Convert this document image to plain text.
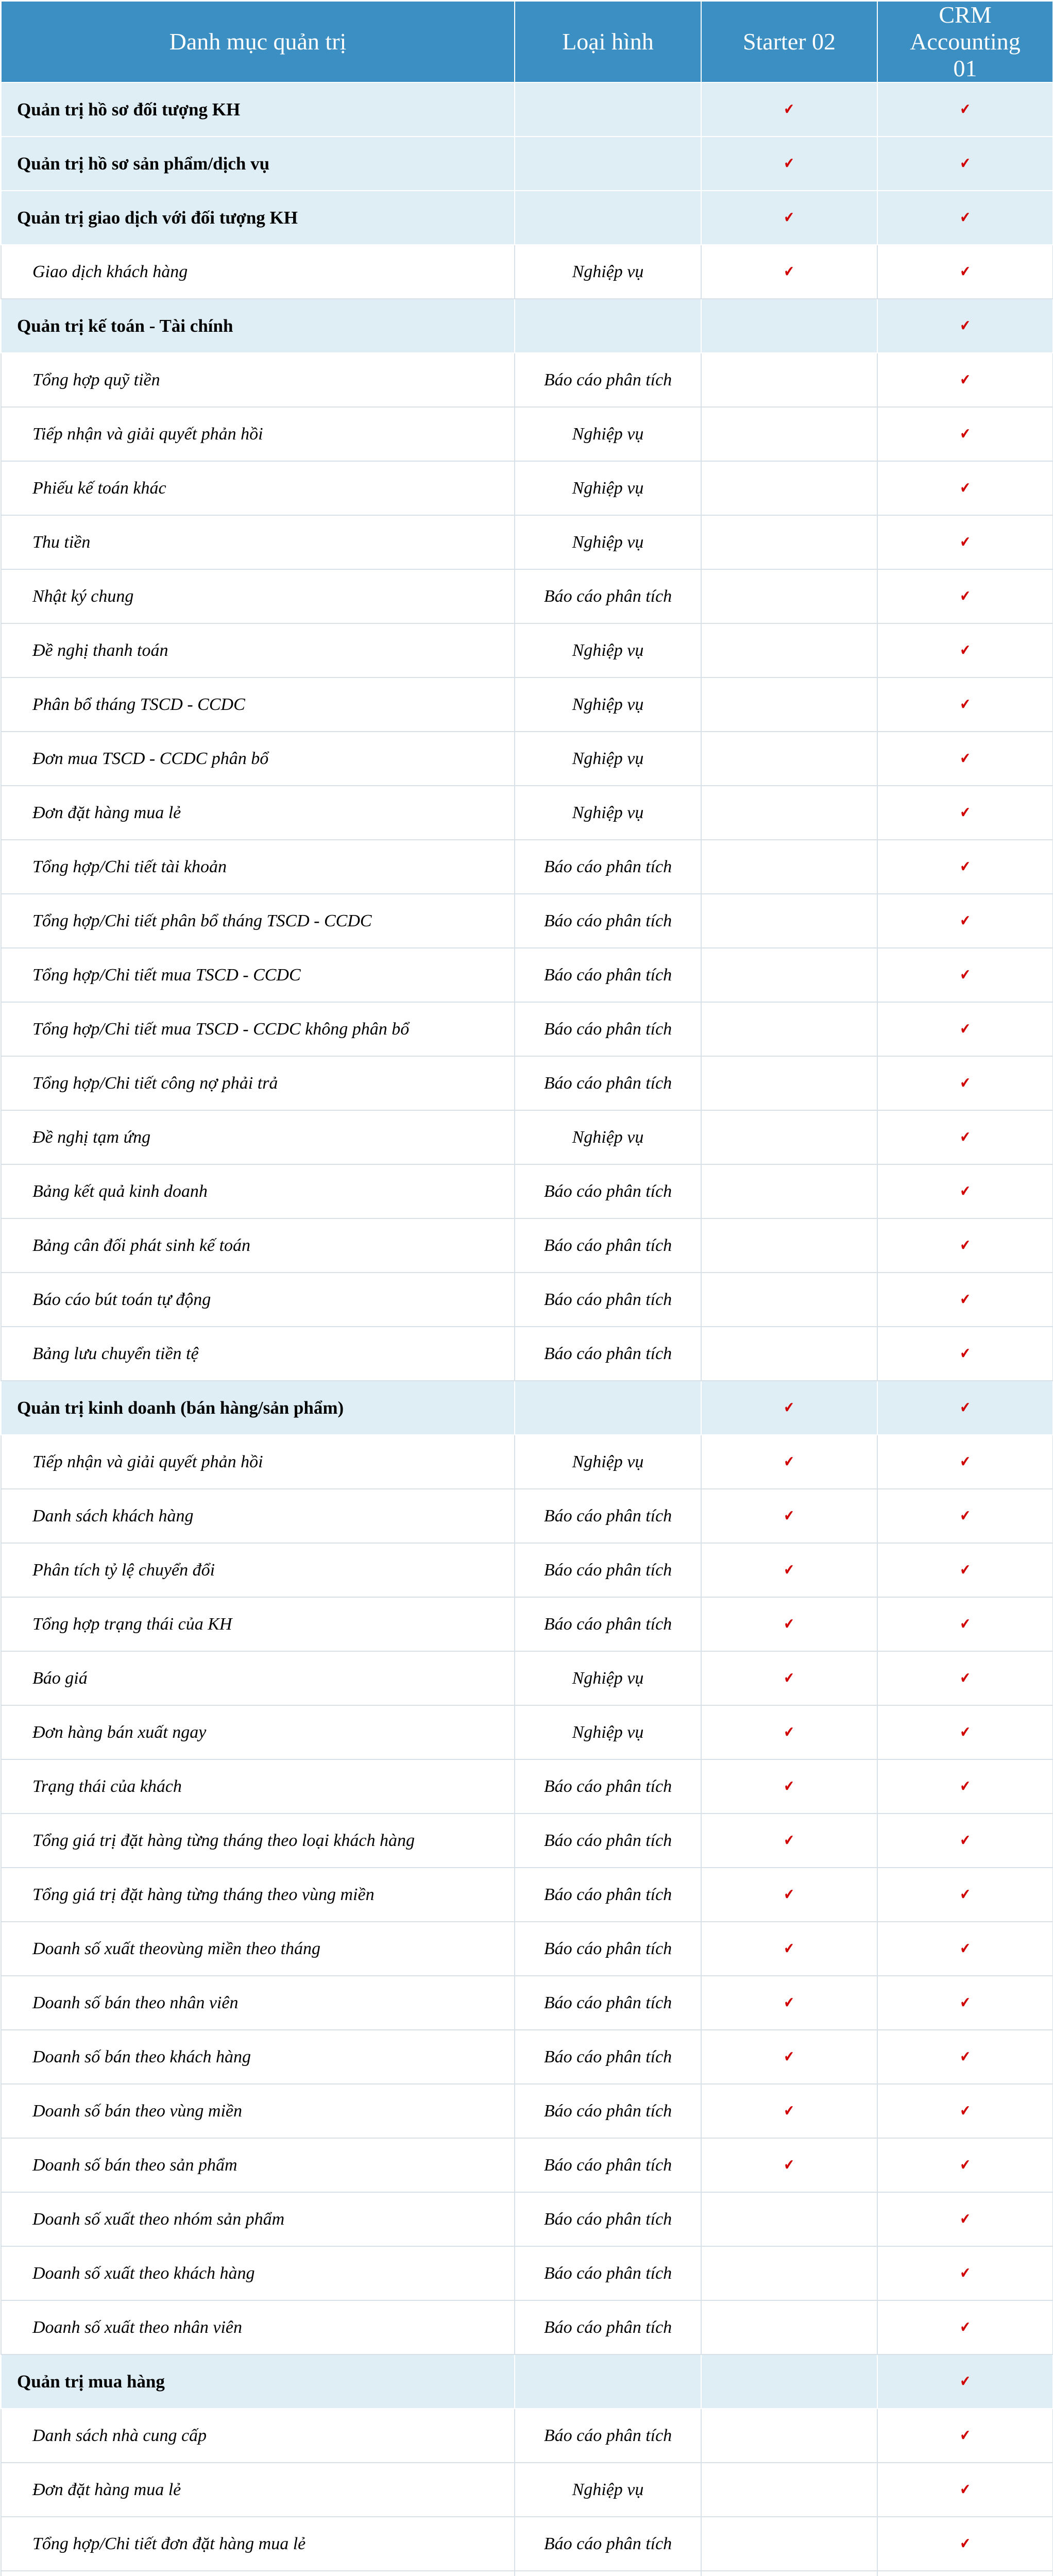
Danh mục quản trị	Loại hình	Starter 02	CRM Accounting 01
Quản trị hồ sơ đối tượng KH		✔	✔
Quản trị hồ sơ sản phẩm/dịch vụ		✔	✔
Quản trị giao dịch với đối tượng KH		✔	✔
Giao dịch khách hàng	Nghiệp vụ	✔	✔
Quản trị kế toán - Tài chính			✔
Tổng hợp quỹ tiền	Báo cáo phân tích		✔
Tiếp nhận và giải quyết phản hồi	Nghiệp vụ		✔
Phiếu kế toán khác	Nghiệp vụ		✔
Thu tiền	Nghiệp vụ		✔
Nhật ký chung	Báo cáo phân tích		✔
Đề nghị thanh toán	Nghiệp vụ		✔
Phân bổ tháng TSCD - CCDC	Nghiệp vụ		✔
Đơn mua TSCD - CCDC phân bổ	Nghiệp vụ		✔
Đơn đặt hàng mua lẻ	Nghiệp vụ		✔
Tổng hợp/Chi tiết tài khoản	Báo cáo phân tích		✔
Tổng hợp/Chi tiết phân bổ tháng TSCD - CCDC	Báo cáo phân tích		✔
Tổng hợp/Chi tiết mua TSCD - CCDC	Báo cáo phân tích		✔
Tổng hợp/Chi tiết mua TSCD - CCDC không phân bổ	Báo cáo phân tích		✔
Tổng hợp/Chi tiết công nợ phải trả	Báo cáo phân tích		✔
Đề nghị tạm ứng	Nghiệp vụ		✔
Bảng kết quả kinh doanh	Báo cáo phân tích		✔
Bảng cân đối phát sinh kế toán	Báo cáo phân tích		✔
Báo cáo bút toán tự động	Báo cáo phân tích		✔
Bảng lưu chuyển tiền tệ	Báo cáo phân tích		✔
Quản trị kinh doanh (bán hàng/sản phẩm)		✔	✔
Tiếp nhận và giải quyết phản hồi	Nghiệp vụ	✔	✔
Danh sách khách hàng	Báo cáo phân tích	✔	✔
Phân tích tỷ lệ chuyển đổi	Báo cáo phân tích	✔	✔
Tổng hợp trạng thái của KH	Báo cáo phân tích	✔	✔
Báo giá	Nghiệp vụ	✔	✔
Đơn hàng bán xuất ngay	Nghiệp vụ	✔	✔
Trạng thái của khách	Báo cáo phân tích	✔	✔
Tổng giá trị đặt hàng từng tháng theo loại khách hàng	Báo cáo phân tích	✔	✔
Tổng giá trị đặt hàng từng tháng theo vùng miền	Báo cáo phân tích	✔	✔
Doanh số xuất theovùng miền theo tháng	Báo cáo phân tích	✔	✔
Doanh số bán theo nhân viên	Báo cáo phân tích	✔	✔
Doanh số bán theo khách hàng	Báo cáo phân tích	✔	✔
Doanh số bán theo vùng miền	Báo cáo phân tích	✔	✔
Doanh số bán theo sản phẩm	Báo cáo phân tích	✔	✔
Doanh số xuất theo nhóm sản phẩm	Báo cáo phân tích		✔
Doanh số xuất theo khách hàng	Báo cáo phân tích		✔
Doanh số xuất theo nhân viên	Báo cáo phân tích		✔
Quản trị mua hàng			✔
Danh sách nhà cung cấp	Báo cáo phân tích		✔
Đơn đặt hàng mua lẻ	Nghiệp vụ		✔
Tổng hợp/Chi tiết đơn đặt hàng mua lẻ	Báo cáo phân tích		✔
